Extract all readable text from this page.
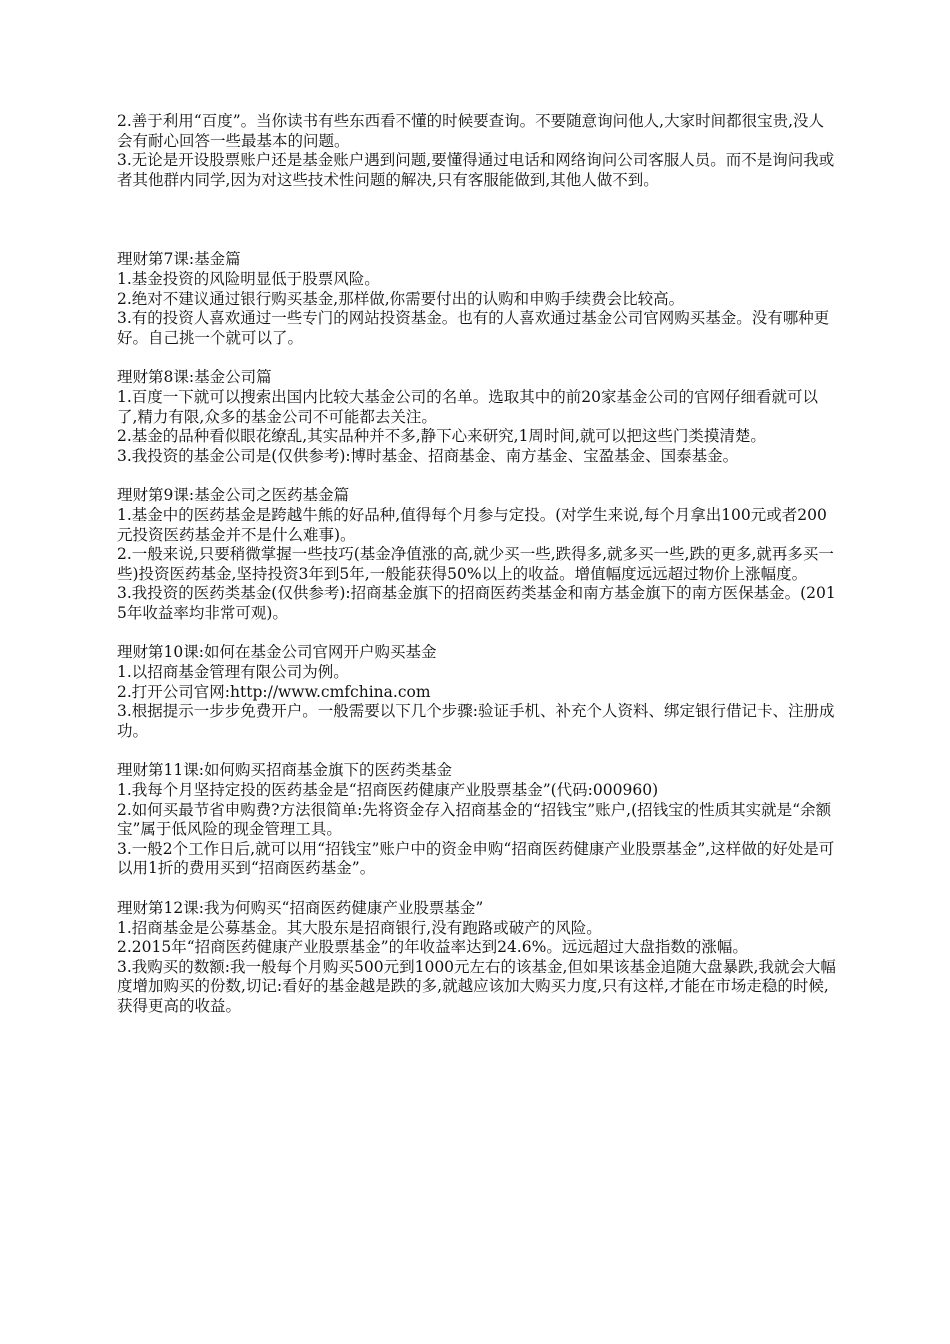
2.善于利用“百度”。当你读书有些东西看不懂的时候要查询。不要随意询问他人,大家时间都很宝贵,没人会有耐心回答一些最基本的问题。

3.无论是开设股票账户还是基金账户遇到问题,要懂得通过电话和网络询问公司客服人员。而不是询问我或者其他群内同学,因为对这些技术性问题的解决,只有客服能做到,其他人做不到。

理财第7课:基金篇

1.基金投资的风险明显低于股票风险。

2.绝对不建议通过银行购买基金,那样做,你需要付出的认购和申购手续费会比较高。

3.有的投资人喜欢通过一些专门的网站投资基金。也有的人喜欢通过基金公司官网购买基金。没有哪种更好。自己挑一个就可以了。

理财第8课:基金公司篇

1.百度一下就可以搜索出国内比较大基金公司的名单。选取其中的前20家基金公司的官网仔细看就可以了,精力有限,众多的基金公司不可能都去关注。

2.基金的品种看似眼花缭乱,其实品种并不多,静下心来研究,1周时间,就可以把这些门类摸清楚。

3.我投资的基金公司是(仅供参考):博时基金、招商基金、南方基金、宝盈基金、国泰基金。

理财第9课:基金公司之医药基金篇

1.基金中的医药基金是跨越牛熊的好品种,值得每个月参与定投。(对学生来说,每个月拿出100元或者200元投资医药基金并不是什么难事)。

2.一般来说,只要稍微掌握一些技巧(基金净值涨的高,就少买一些,跌得多,就多买一些,跌的更多,就再多买一些)投资医药基金,坚持投资3年到5年,一般能获得50%以上的收益。增值幅度远远超过物价上涨幅度。

3.我投资的医药类基金(仅供参考):招商基金旗下的招商医药类基金和南方基金旗下的南方医保基金。(2015年收益率均非常可观)。

理财第10课:如何在基金公司官网开户购买基金

1.以招商基金管理有限公司为例。

2.打开公司官网:http://www.cmfchina.com

3.根据提示一步步免费开户。一般需要以下几个步骤:验证手机、补充个人资料、绑定银行借记卡、注册成功。

理财第11课:如何购买招商基金旗下的医药类基金

1.我每个月坚持定投的医药基金是“招商医药健康产业股票基金”(代码:000960)

2.如何买最节省申购费?方法很简单:先将资金存入招商基金的“招钱宝”账户,(招钱宝的性质其实就是“余额宝”属于低风险的现金管理工具。

3.一般2个工作日后,就可以用“招钱宝”账户中的资金申购“招商医药健康产业股票基金”,这样做的好处是可以用1折的费用买到“招商医药基金”。

理财第12课:我为何购买“招商医药健康产业股票基金”

1.招商基金是公募基金。其大股东是招商银行,没有跑路或破产的风险。

2.2015年“招商医药健康产业股票基金”的年收益率达到24.6%。远远超过大盘指数的涨幅。

3.我购买的数额:我一般每个月购买500元到1000元左右的该基金,但如果该基金追随大盘暴跌,我就会大幅度增加购买的份数,切记:看好的基金越是跌的多,就越应该加大购买力度,只有这样,才能在市场走稳的时候,获得更高的收益。
